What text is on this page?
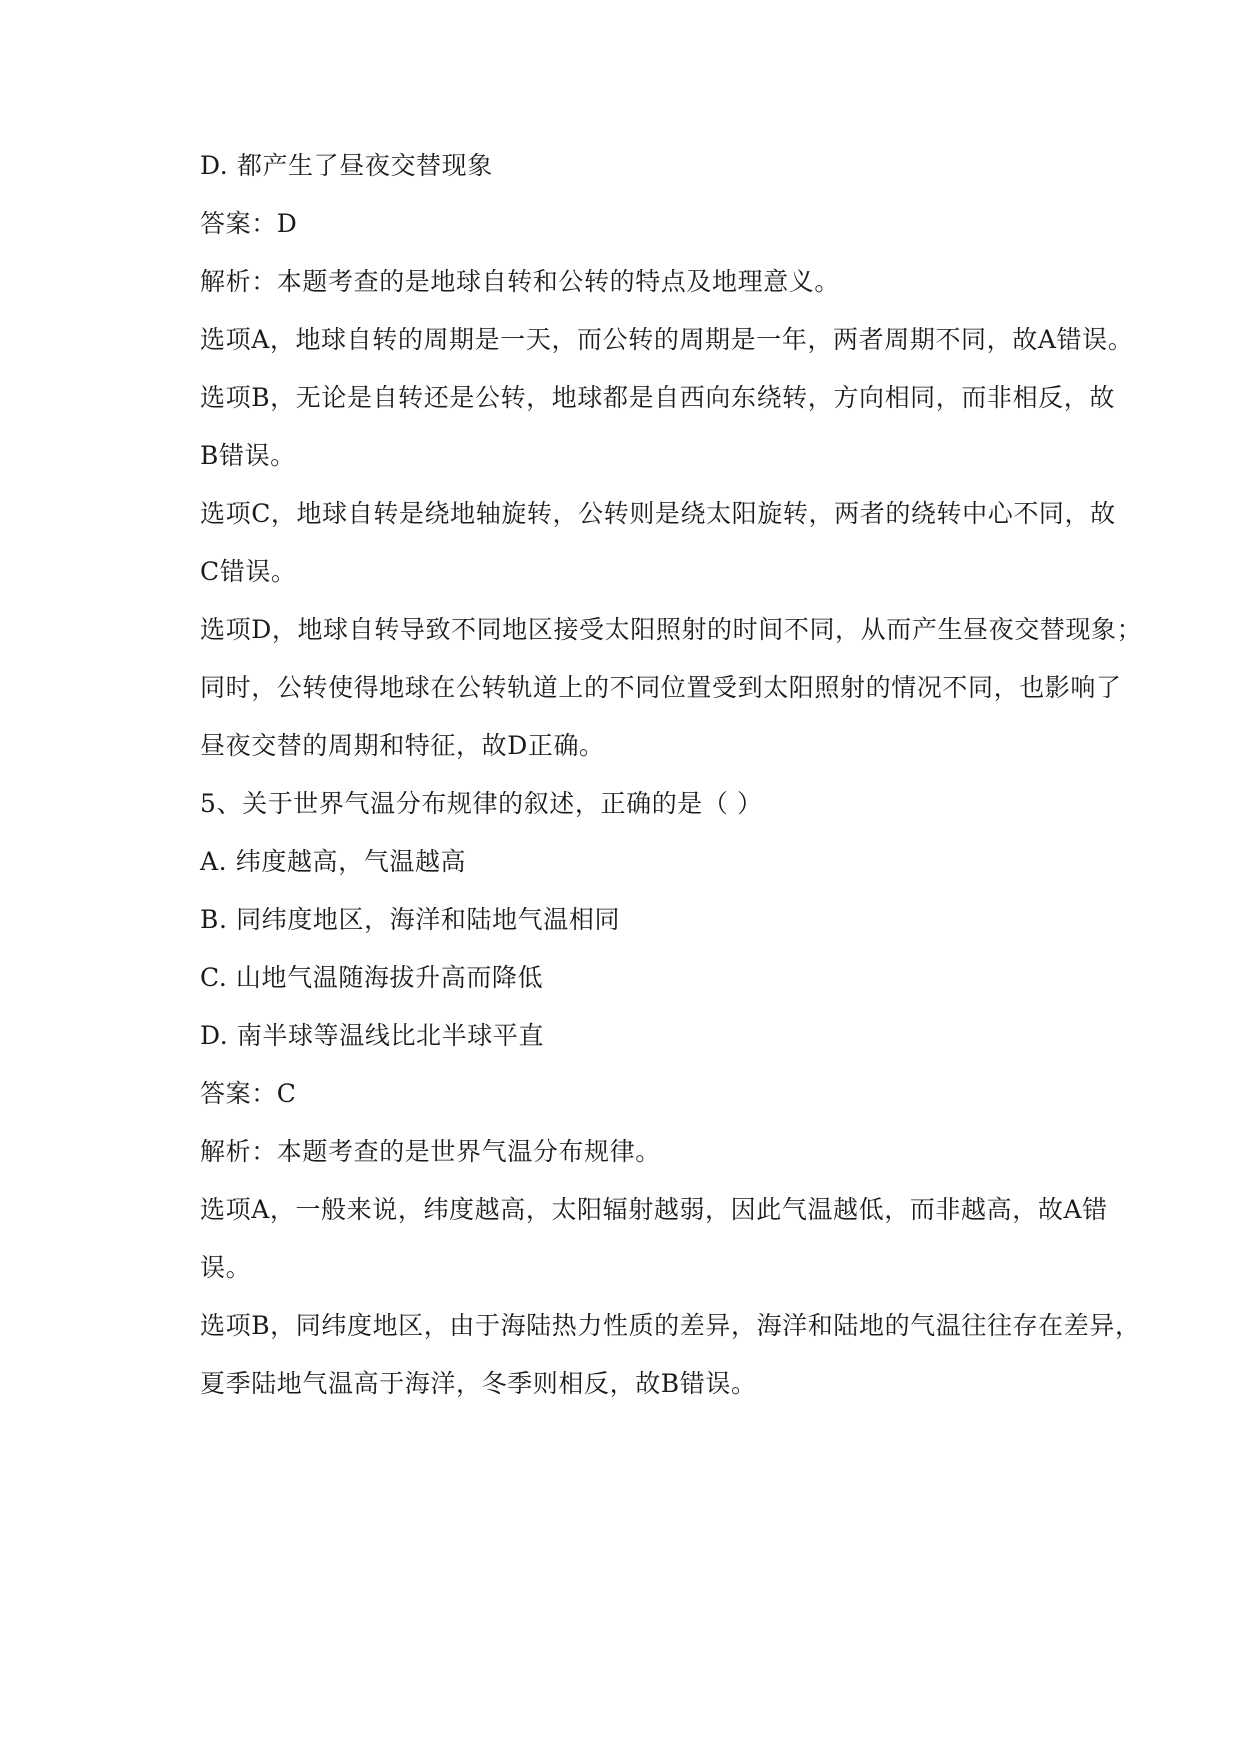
D. 都产生了昼夜交替现象
答案：D
解析：本题考查的是地球自转和公转的特点及地理意义。
选项A，地球自转的周期是一天，而公转的周期是一年，两者周期不同，故A错误。
选项B，无论是自转还是公转，地球都是自西向东绕转，方向相同，而非相反，故
B错误。
选项C，地球自转是绕地轴旋转，公转则是绕太阳旋转，两者的绕转中心不同，故
C错误。
选项D，地球自转导致不同地区接受太阳照射的时间不同，从而产生昼夜交替现象；
同时，公转使得地球在公转轨道上的不同位置受到太阳照射的情况不同，也影响了
昼夜交替的周期和特征，故D正确。
5、关于世界气温分布规律的叙述，正确的是（ ）
A. 纬度越高，气温越高
B. 同纬度地区，海洋和陆地气温相同
C. 山地气温随海拔升高而降低
D. 南半球等温线比北半球平直
答案：C
解析：本题考查的是世界气温分布规律。
选项A，一般来说，纬度越高，太阳辐射越弱，因此气温越低，而非越高，故A错
误。
选项B，同纬度地区，由于海陆热力性质的差异，海洋和陆地的气温往往存在差异，
夏季陆地气温高于海洋，冬季则相反，故B错误。
